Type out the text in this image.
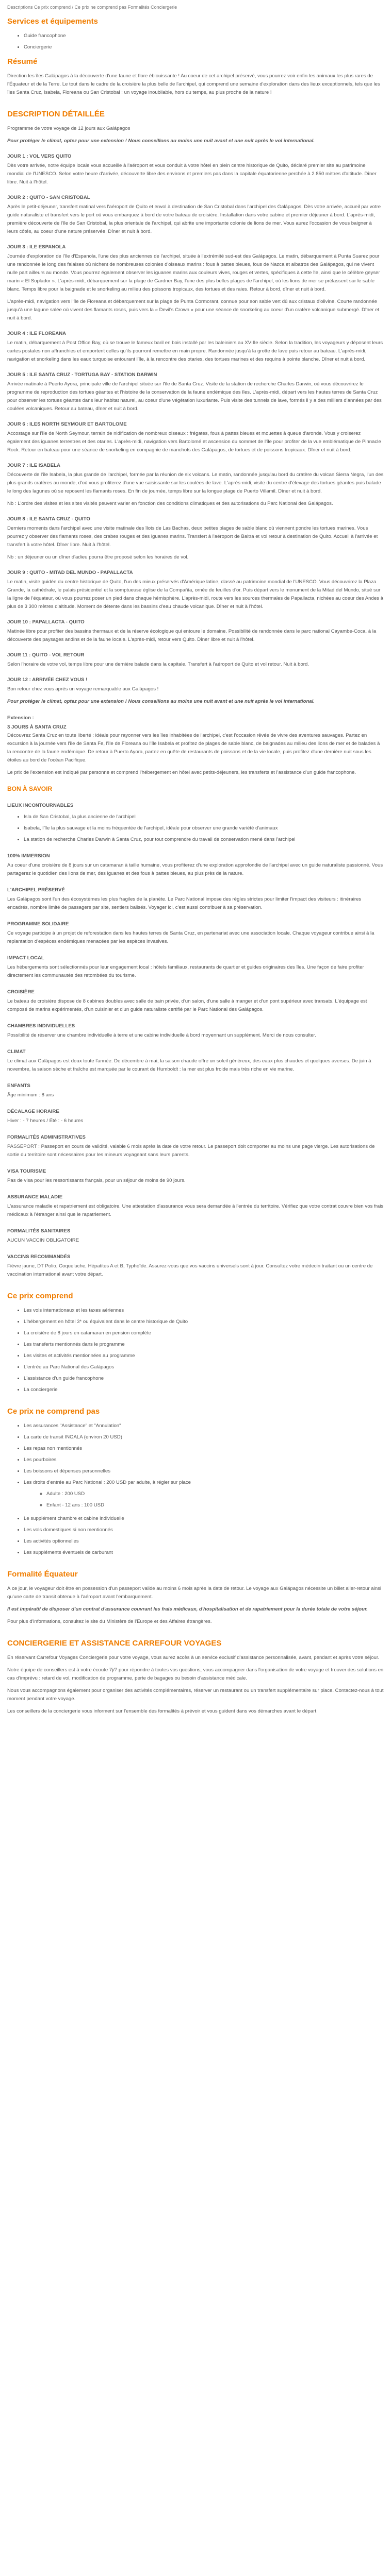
Descriptions Ce prix comprend / Ce prix ne comprend pas Formalités Conciergerie
Services et équipements
• Guide francophone
• Conciergerie
Résumé

Direction les îles Galápagos à la découverte d'une faune et flore éblouissante ! Au coeur de cet archipel préservé, vous pourrez voir enfin les animaux les plus rares de l'Équateur et de la Terre. Le tout dans le cadre de la croisière la plus belle de l'archipel, qui comprend une semaine d'exploration dans des lieux exceptionnels, tels que les îles Santa Cruz, Isabela, Floreana ou San Cristobal : un voyage inoubliable, hors du temps, au plus proche de la nature !

DESCRIPTION DÉTAILLÉE

Programme de votre voyage de 12 jours aux Galápagos

Pour protéger le climat, optez pour une extension ! Nous conseillons au moins une nuit avant et une nuit après le vol international.

JOUR 1 : VOL VERS QUITO

Dès votre arrivée, notre équipe locale vous accueille à l'aéroport et vous conduit à votre hôtel en plein centre historique de Quito, déclaré premier site au patrimoine mondial de l'UNESCO. Selon votre heure d'arrivée, découverte libre des environs et premiers pas dans la capitale équatorienne perchée à 2 850 mètres d'altitude. Dîner libre. Nuit à l'hôtel.

JOUR 2 : QUITO - SAN CRISTOBAL

Après le petit-déjeuner, transfert matinal vers l'aéroport de Quito et envol à destination de San Cristobal dans l'archipel des Galápagos. Dès votre arrivée, accueil par votre guide naturaliste et transfert vers le port où vous embarquez à bord de votre bateau de croisière. Installation dans votre cabine et premier déjeuner à bord. L'après-midi, première découverte de l'île de San Cristobal, la plus orientale de l'archipel, qui abrite une importante colonie de lions de mer. Vous aurez l'occasion de vous baigner à leurs côtés, au coeur d'une nature préservée. Dîner et nuit à bord.

JOUR 3 : ILE ESPANOLA

Journée d'exploration de l'île d'Espanola, l'une des plus anciennes de l'archipel, située à l'extrémité sud-est des Galápagos. Le matin, débarquement à Punta Suarez pour une randonnée le long des falaises où nichent de nombreuses colonies d'oiseaux marins : fous à pattes bleues, fous de Nazca et albatros des Galápagos, qui ne vivent nulle part ailleurs au monde. Vous pourrez également observer les iguanes marins aux couleurs vives, rouges et vertes, spécifiques à cette île, ainsi que le célèbre geyser marin « El Soplador ». L'après-midi, débarquement sur la plage de Gardner Bay, l'une des plus belles plages de l'archipel, où les lions de mer se prélassent sur le sable blanc. Temps libre pour la baignade et le snorkeling au milieu des poissons tropicaux, des tortues et des raies. Retour à bord, dîner et nuit à bord.

L'après-midi, navigation vers l'île de Floreana et débarquement sur la plage de Punta Cormorant, connue pour son sable vert dû aux cristaux d'olivine. Courte randonnée jusqu'à une lagune salée où vivent des flamants roses, puis vers la « Devil's Crown » pour une séance de snorkeling au coeur d'un cratère volcanique submergé. Dîner et nuit à bord.

JOUR 4 : ILE FLOREANA

Le matin, débarquement à Post Office Bay, où se trouve le fameux baril en bois installé par les baleiniers au XVIIIe siècle. Selon la tradition, les voyageurs y déposent leurs cartes postales non affranchies et emportent celles qu'ils pourront remettre en main propre. Randonnée jusqu'à la grotte de lave puis retour au bateau. L'après-midi, navigation et snorkeling dans les eaux turquoise entourant l'île, à la rencontre des otaries, des tortues marines et des requins à pointe blanche. Dîner et nuit à bord.

JOUR 5 : ILE SANTA CRUZ - TORTUGA BAY - STATION DARWIN

Arrivée matinale à Puerto Ayora, principale ville de l'archipel située sur l'île de Santa Cruz. Visite de la station de recherche Charles Darwin, où vous découvrirez le programme de reproduction des tortues géantes et l'histoire de la conservation de la faune endémique des îles. L'après-midi, départ vers les hautes terres de Santa Cruz pour observer les tortues géantes dans leur habitat naturel, au coeur d'une végétation luxuriante. Puis visite des tunnels de lave, formés il y a des milliers d'années par des coulées volcaniques. Retour au bateau, dîner et nuit à bord.

JOUR 6 : ILES NORTH SEYMOUR ET BARTOLOME

Accostage sur l'île de North Seymour, terrain de nidification de nombreux oiseaux : frégates, fous à pattes bleues et mouettes à queue d'aronde. Vous y croiserez également des iguanes terrestres et des otaries. L'après-midi, navigation vers Bartolomé et ascension du sommet de l'île pour profiter de la vue emblématique de Pinnacle Rock. Retour en bateau pour une séance de snorkeling en compagnie de manchots des Galápagos, de tortues et de poissons tropicaux. Dîner et nuit à bord.

JOUR 7 : ILE ISABELA

Découverte de l'île Isabela, la plus grande de l'archipel, formée par la réunion de six volcans. Le matin, randonnée jusqu'au bord du cratère du volcan Sierra Negra, l'un des plus grands cratères au monde, d'où vous profiterez d'une vue saisissante sur les coulées de lave. L'après-midi, visite du centre d'élevage des tortues géantes puis balade le long des lagunes où se reposent les flamants roses. En fin de journée, temps libre sur la longue plage de Puerto Villamil. Dîner et nuit à bord.

Nb : L'ordre des visites et les sites visités peuvent varier en fonction des conditions climatiques et des autorisations du Parc National des Galápagos.

JOUR 8 : ILE SANTA CRUZ - QUITO

Derniers moments dans l'archipel avec une visite matinale des îlots de Las Bachas, deux petites plages de sable blanc où viennent pondre les tortues marines. Vous pourrez y observer des flamants roses, des crabes rouges et des iguanes marins. Transfert à l'aéroport de Baltra et vol retour à destination de Quito. Accueil à l'arrivée et transfert à votre hôtel. Dîner libre. Nuit à l'hôtel.

Nb : un déjeuner ou un dîner d'adieu pourra être proposé selon les horaires de vol.

JOUR 9 : QUITO - MITAD DEL MUNDO - PAPALLACTA

Le matin, visite guidée du centre historique de Quito, l'un des mieux préservés d'Amérique latine, classé au patrimoine mondial de l'UNESCO. Vous découvrirez la Plaza Grande, la cathédrale, le palais présidentiel et la somptueuse église de la Compañía, ornée de feuilles d'or. Puis départ vers le monument de la Mitad del Mundo, situé sur la ligne de l'équateur, où vous pourrez poser un pied dans chaque hémisphère. L'après-midi, route vers les sources thermales de Papallacta, nichées au coeur des Andes à plus de 3 300 mètres d'altitude. Moment de détente dans les bassins d'eau chaude volcanique. Dîner et nuit à l'hôtel.

JOUR 10 : PAPALLACTA - QUITO

Matinée libre pour profiter des bassins thermaux et de la réserve écologique qui entoure le domaine. Possibilité de randonnée dans le parc national Cayambe-Coca, à la découverte des paysages andins et de la faune locale. L'après-midi, retour vers Quito. Dîner libre et nuit à l'hôtel.

JOUR 11 : QUITO - VOL RETOUR

Selon l'horaire de votre vol, temps libre pour une dernière balade dans la capitale. Transfert à l'aéroport de Quito et vol retour. Nuit à bord.

JOUR 12 : ARRIVÉE CHEZ VOUS !

Bon retour chez vous après un voyage remarquable aux Galápagos !

Pour protéger le climat, optez pour une extension ! Nous conseillons au moins une nuit avant et une nuit après le vol international.

Extension :
3 JOURS À SANTA CRUZ

Découvrez Santa Cruz en toute liberté : idéale pour rayonner vers les îles inhabitées de l'archipel, c'est l'occasion rêvée de vivre des aventures sauvages. Partez en excursion à la journée vers l'île de Santa Fe, l'île de Floreana ou l'île Isabela et profitez de plages de sable blanc, de baignades au milieu des lions de mer et de balades à la rencontre de la faune endémique. De retour à Puerto Ayora, partez en quête de restaurants de poissons et de la vie locale, puis profitez d'une dernière nuit sous les étoiles au bord de l'océan Pacifique.

Le prix de l'extension est indiqué par personne et comprend l'hébergement en hôtel avec petits-déjeuners, les transferts et l'assistance d'un guide francophone.

BON À SAVOIR
LIEUX INCONTOURNABLES
• Isla de San Cristobal, la plus ancienne de l'archipel
• Isabela, l'île la plus sauvage et la moins fréquentée de l'archipel, idéale pour observer une grande variété d'animaux
• La station de recherche Charles Darwin à Santa Cruz, pour tout comprendre du travail de conservation mené dans l'archipel
100% IMMERSION

Au coeur d'une croisière de 8 jours sur un catamaran à taille humaine, vous profiterez d'une exploration approfondie de l'archipel avec un guide naturaliste passionné. Vous partagerez le quotidien des lions de mer, des iguanes et des fous à pattes bleues, au plus près de la nature.

L'ARCHIPEL PRÉSERVÉ

Les Galápagos sont l'un des écosystèmes les plus fragiles de la planète. Le Parc National impose des règles strictes pour limiter l'impact des visiteurs : itinéraires encadrés, nombre limité de passagers par site, sentiers balisés. Voyager ici, c'est aussi contribuer à sa préservation.

PROGRAMME SOLIDAIRE

Ce voyage participe à un projet de reforestation dans les hautes terres de Santa Cruz, en partenariat avec une association locale. Chaque voyageur contribue ainsi à la replantation d'espèces endémiques menacées par les espèces invasives.

IMPACT LOCAL

Les hébergements sont sélectionnés pour leur engagement local : hôtels familiaux, restaurants de quartier et guides originaires des îles. Une façon de faire profiter directement les communautés des retombées du tourisme.

CROISIÈRE

Le bateau de croisière dispose de 8 cabines doubles avec salle de bain privée, d'un salon, d'une salle à manger et d'un pont supérieur avec transats. L'équipage est composé de marins expérimentés, d'un cuisinier et d'un guide naturaliste certifié par le Parc National des Galápagos.

CHAMBRES INDIVIDUELLES

Possibilité de réserver une chambre individuelle à terre et une cabine individuelle à bord moyennant un supplément. Merci de nous consulter.

CLIMAT

Le climat aux Galápagos est doux toute l'année. De décembre à mai, la saison chaude offre un soleil généreux, des eaux plus chaudes et quelques averses. De juin à novembre, la saison sèche et fraîche est marquée par le courant de Humboldt : la mer est plus froide mais très riche en vie marine.

ENFANTS

Âge minimum : 8 ans

DÉCALAGE HORAIRE

Hiver : - 7 heures / Été : - 6 heures

FORMALITÉS ADMINISTRATIVES

PASSEPORT : Passeport en cours de validité, valable 6 mois après la date de votre retour. Le passeport doit comporter au moins une page vierge. Les autorisations de sortie du territoire sont nécessaires pour les mineurs voyageant sans leurs parents.

VISA TOURISME

Pas de visa pour les ressortissants français, pour un séjour de moins de 90 jours.

ASSURANCE MALADIE

L'assurance maladie et rapatriement est obligatoire. Une attestation d'assurance vous sera demandée à l'entrée du territoire. Vérifiez que votre contrat couvre bien vos frais médicaux à l'étranger ainsi que le rapatriement.

FORMALITÉS SANITAIRES

AUCUN VACCIN OBLIGATOIRE

VACCINS RECOMMANDÉS

Fièvre jaune, DT Polio, Coqueluche, Hépatites A et B, Typhoïde. Assurez-vous que vos vaccins universels sont à jour. Consultez votre médecin traitant ou un centre de vaccination international avant votre départ.

Ce prix comprend
• Les vols internationaux et les taxes aériennes
• L'hébergement en hôtel 3* ou équivalent dans le centre historique de Quito
• La croisière de 8 jours en catamaran en pension complète
• Les transferts mentionnés dans le programme
• Les visites et activités mentionnées au programme
• L'entrée au Parc National des Galápagos
• L'assistance d'un guide francophone
• La conciergerie
Ce prix ne comprend pas
• Les assurances "Assistance" et "Annulation"
• La carte de transit INGALA (environ 20 USD)
• Les repas non mentionnés
• Les pourboires
• Les boissons et dépenses personnelles
• Les droits d'entrée au Parc National : 200 USD par adulte, à régler sur place
◦ Adulte : 200 USD
◦ Enfant - 12 ans : 100 USD
• Le supplément chambre et cabine individuelle
• Les vols domestiques si non mentionnés
• Les activités optionnelles
• Les suppléments éventuels de carburant
Formalité Équateur

À ce jour, le voyageur doit être en possession d'un passeport valide au moins 6 mois après la date de retour. Le voyage aux Galápagos nécessite un billet aller-retour ainsi qu'une carte de transit obtenue à l'aéroport avant l'embarquement.

Il est impératif de disposer d'un contrat d'assurance couvrant les frais médicaux, d'hospitalisation et de rapatriement pour la durée totale de votre séjour.

Pour plus d'informations, consultez le site du Ministère de l'Europe et des Affaires étrangères.

CONCIERGERIE ET ASSISTANCE CARREFOUR VOYAGES

En réservant Carrefour Voyages Conciergerie pour votre voyage, vous aurez accès à un service exclusif d'assistance personnalisée, avant, pendant et après votre séjour.

Notre équipe de conseillers est à votre écoute 7j/7 pour répondre à toutes vos questions, vous accompagner dans l'organisation de votre voyage et trouver des solutions en cas d'imprévu : retard de vol, modification de programme, perte de bagages ou besoin d'assistance médicale.

Nous vous accompagnons également pour organiser des activités complémentaires, réserver un restaurant ou un transfert supplémentaire sur place. Contactez-nous à tout moment pendant votre voyage.

Les conseillers de la conciergerie vous informent sur l'ensemble des formalités à prévoir et vous guident dans vos démarches avant le départ.
